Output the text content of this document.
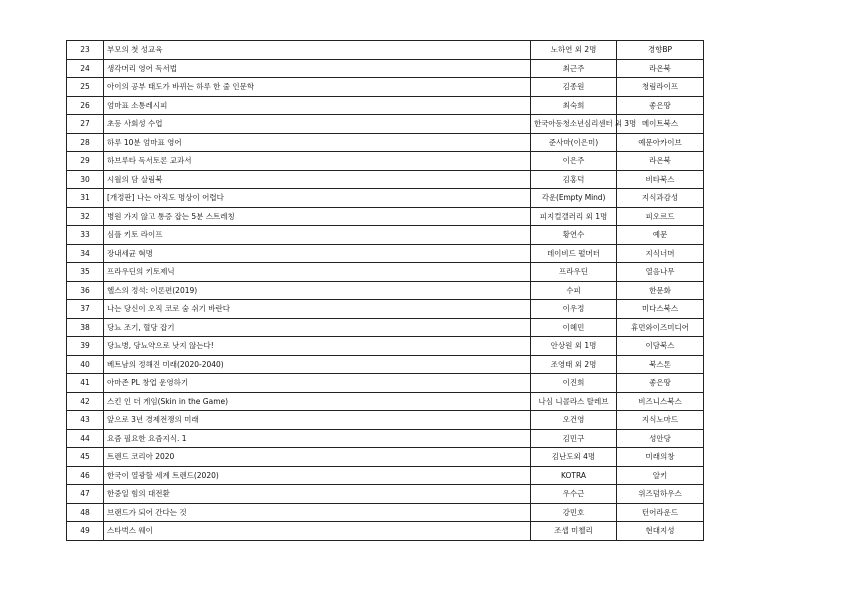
23	부모의 첫 성교육	노하연 외 2명	경향BP
24	생각머리 영어 독서법	최근주	라온북
25	아이의 공부 태도가 바뀌는 하루 한 줄 인문학	김종원	청림라이프
26	엄마표 소통레시피	최숙희	좋은땅
27	초등 사회성 수업	한국아동청소년심리센터 외 3명	메이트북스
28	하루 10분 엄마표 영어	준사마(이은미)	예문아카이브
29	하브루타 독서토론 교과서	이은주	라온북
30	시월의 담 살림북	김홍덕	비타북스
31	[개정판] 나는 아직도 명상이 어렵다	각운(Empty Mind)	지식과감성
32	병원 가지 않고 통증 잡는 5분 스트레칭	피지컬갤러리 외 1명	피오르드
33	심플 키토 라이프	황연수	예문
34	장내세균 혁명	데이비드 펄머터	지식너머
35	프라우딘의 키토제닉	프라우딘	열음나무
36	헬스의 정석: 이론편(2019)	수피	한문화
37	나는 당신이 오직 코로 숨 쉬기 바란다	이우정	미다스북스
38	당뇨 조기, 혈당 잡기	이혜민	휴먼와이즈미디어
39	당뇨병, 당뇨약으로 낫지 않는다!	안상원 외 1명	이담북스
40	베트남의 정해진 미래(2020-2040)	조영태 외 2명	북스톤
41	아마존 PL 창업 운영하기	이진희	좋은땅
42	스킨 인 더 게임(Skin in the Game)	나심 니콜라스 탈레브	비즈니스북스
43	앞으로 3년 경제전쟁의 미래	오건영	지식노마드
44	요즘 필요한 요즘지식. 1	김민구	성안당
45	트렌드 코리아 2020	김난도외 4명	미래의창
46	한국이 열광할 세계 트렌드(2020)	KOTRA	알키
47	한중일 힘의 대전환	우수근	위즈덤하우스
48	브랜드가 되어 간다는 것	강민호	턴어라운드
49	스타벅스 웨이	조셉 미첼리	현대지성
